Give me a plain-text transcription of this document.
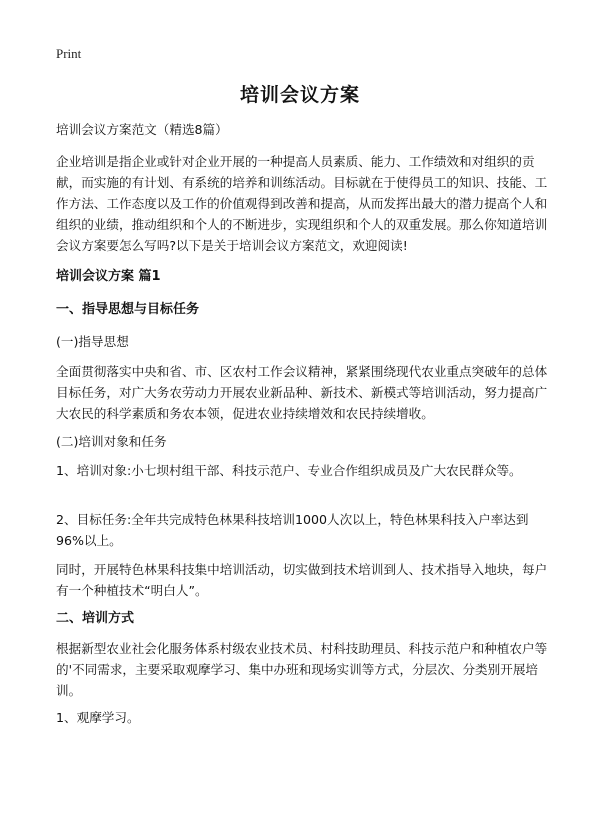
Print
培训会议方案
培训会议方案范文（精选8篇）
企业培训是指企业或针对企业开展的一种提高人员素质、能力、工作绩效和对组织的贡献，而实施的有计划、有系统的培养和训练活动。目标就在于使得员工的知识、技能、工作方法、工作态度以及工作的价值观得到改善和提高，从而发挥出最大的潜力提高个人和组织的业绩，推动组织和个人的不断进步，实现组织和个人的双重发展。那么你知道培训会议方案要怎么写吗?以下是关于培训会议方案范文，欢迎阅读!
培训会议方案 篇1
一、指导思想与目标任务
(一)指导思想
全面贯彻落实中央和省、市、区农村工作会议精神，紧紧围绕现代农业重点突破年的总体目标任务，对广大务农劳动力开展农业新品种、新技术、新模式等培训活动，努力提高广大农民的科学素质和务农本领，促进农业持续增效和农民持续增收。
(二)培训对象和任务
1、培训对象:小七坝村组干部、科技示范户、专业合作组织成员及广大农民群众等。
2、目标任务:全年共完成特色林果科技培训1000人次以上，特色林果科技入户率达到96%以上。
同时，开展特色林果科技集中培训活动，切实做到技术培训到人、技术指导入地块，每户有一个种植技术“明白人”。
二、培训方式
根据新型农业社会化服务体系村级农业技术员、村科技助理员、科技示范户和种植农户等的'不同需求，主要采取观摩学习、集中办班和现场实训等方式，分层次、分类别开展培训。
1、观摩学习。
